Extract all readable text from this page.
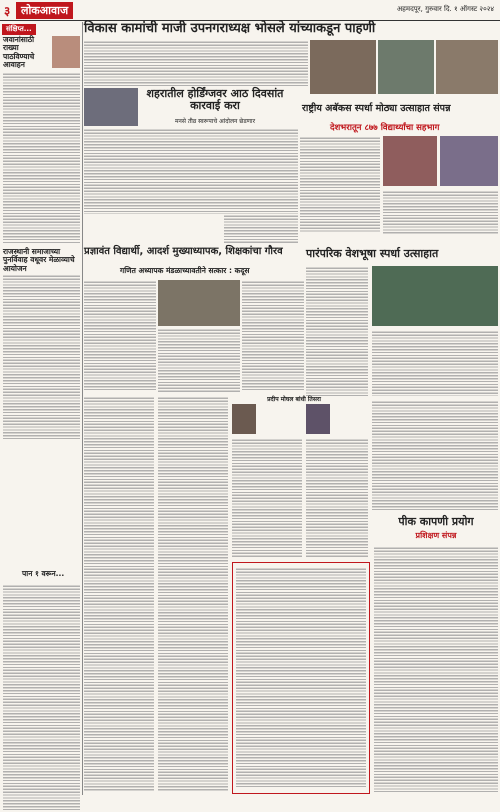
३ लोकआवाज	अहमदपूर, गुरुवार दि. १ ऑगस्ट २०२४
संक्षिप्त...
जवानांसाठी राख्या पाठविण्याचे आवाहन
राजस्थानी समाजाच्या पुनर्विवाह वधूवर मेळाव्याचे आयोजन
पान १ वरून...
विकास कामांची माजी उपनगराध्यक्ष भोसले यांच्याकडून पाहणी
शहरातील होर्डिंग्जवर आठ दिवसांत कारवाई करा
मनसे तीव्र स्वरूपाचे आंदोलन छेडणार
राष्ट्रीय अबॅकस स्पर्धा मोठ्या उत्साहात संपन्न
देशभरातून ८७७ विद्यार्थ्यांचा सहभाग
प्रज्ञावंत विद्यार्थी, आदर्श मुख्याध्यापक, शिक्षकांचा गौरव
गणित अध्यापक मंडळाच्यावतीने सत्कार : कदूस
पारंपरिक वेशभूषा स्पर्धा उत्साहात
प्रदीप मोघल बांधी तिसरा
पीक कापणी प्रयोग
प्रशिक्षण संपन्न
